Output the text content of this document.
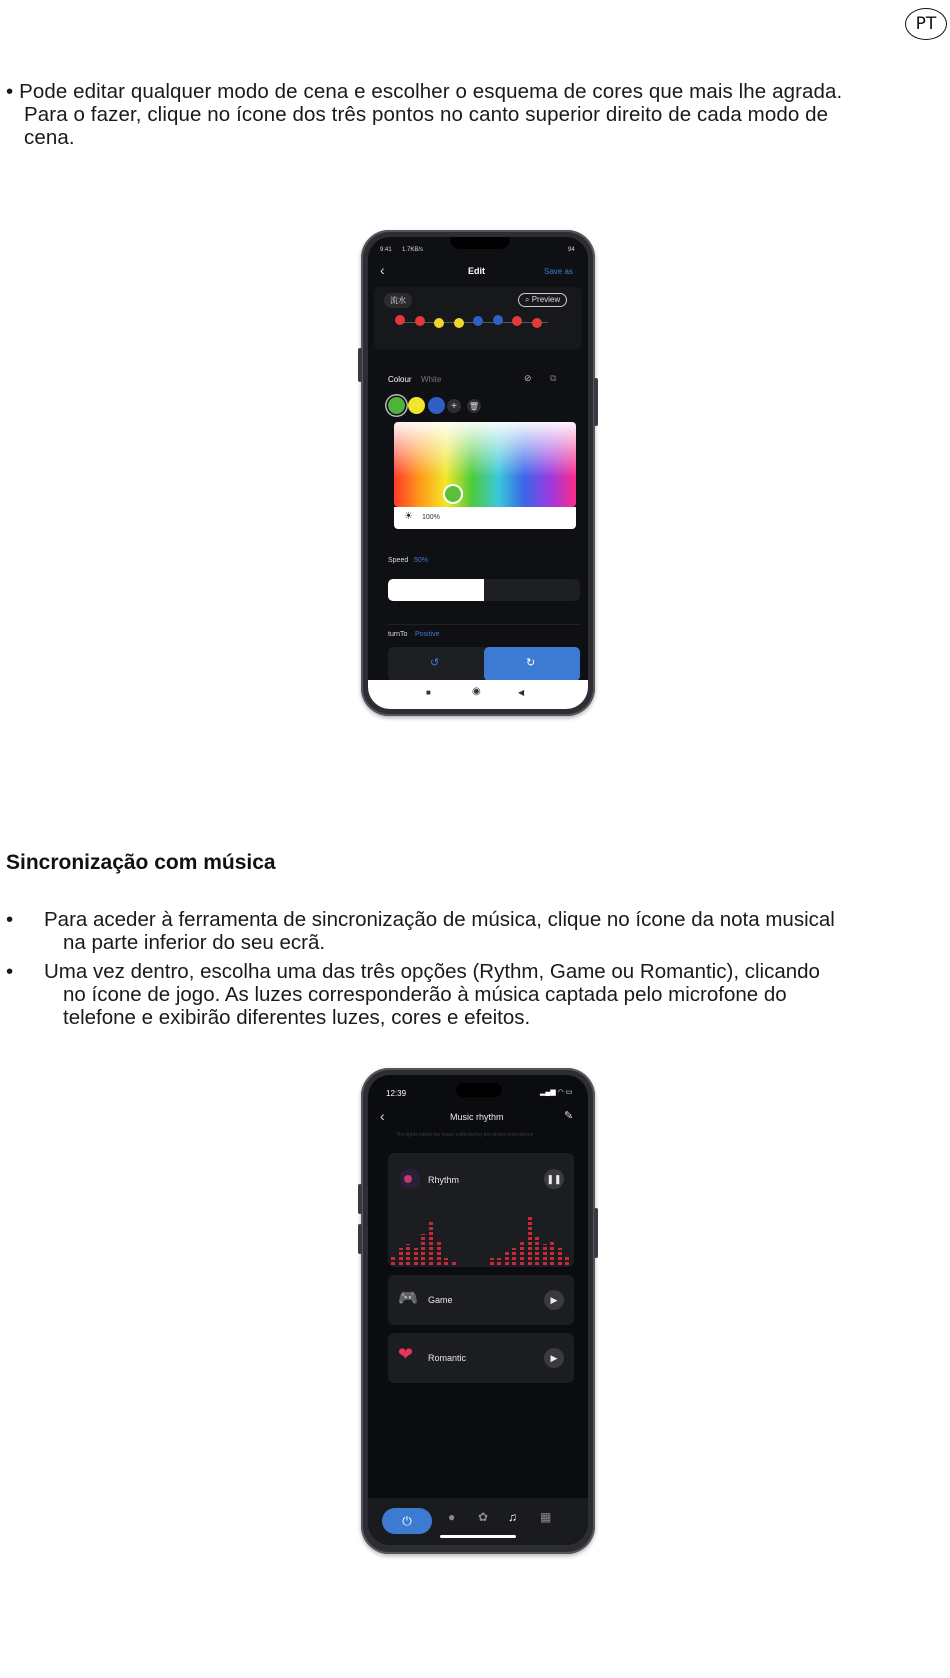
PT
• Pode editar qualquer modo de cena e escolher o esquema de cores que mais lhe agrada.
Para o fazer, clique no ícone dos três pontos no canto superior direito de cada modo de
cena.
9:41 1.7KB/s	94
‹	Edit	Save as
流水	⌕ Preview
Colour White	⊘ ⧉
+	🗑
☀ 100%
Speed 50%
turnTo Positive
↺	↻
■	◉	◀
Sincronização com música
• Para aceder à ferramenta de sincronização de música, clique no ícone da nota musical
na parte inferior do seu ecrã.
• Uma vez dentro, escolha uma das três opções (Rythm, Game ou Romantic), clicando
no ícone de jogo. As luzes corresponderão à música captada pelo microfone do
telefone e exibirão diferentes luzes, cores e efeitos.
12:39	▂▄▆ ◠ ▭
‹	Music rhythm	✎
The lights follow the music collected by the phone microphone
Rhythm	❚❚
🎮 Game	▶
❤ Romantic	▶
⏻	● ✿ ♫ ▦
